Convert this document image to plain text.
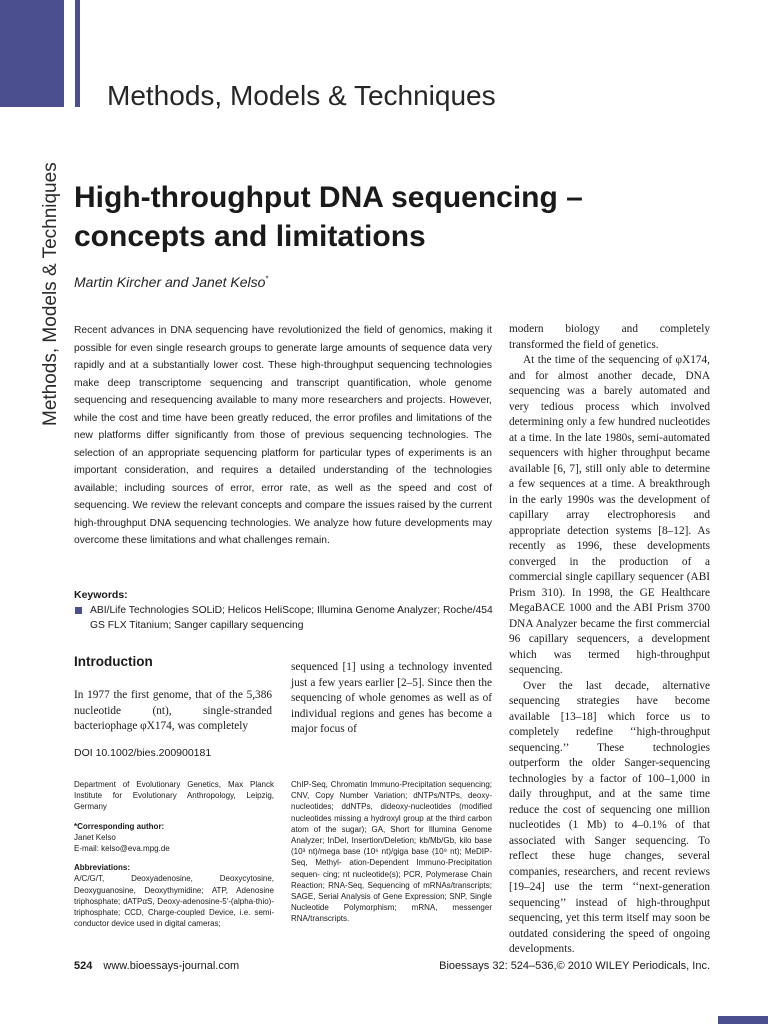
Methods, Models & Techniques
Methods, Models & Techniques
High-throughput DNA sequencing – concepts and limitations
Martin Kircher and Janet Kelso*
Recent advances in DNA sequencing have revolutionized the field of genomics, making it possible for even single research groups to generate large amounts of sequence data very rapidly and at a substantially lower cost. These high-throughput sequencing technologies make deep transcriptome sequencing and transcript quantification, whole genome sequencing and resequencing available to many more researchers and projects. However, while the cost and time have been greatly reduced, the error profiles and limitations of the new platforms differ significantly from those of previous sequencing technologies. The selection of an appropriate sequencing platform for particular types of experiments is an important consideration, and requires a detailed understanding of the technologies available; including sources of error, error rate, as well as the speed and cost of sequencing. We review the relevant concepts and compare the issues raised by the current high-throughput DNA sequencing technologies. We analyze how future developments may overcome these limitations and what challenges remain.
Keywords:
ABI/Life Technologies SOLiD; Helicos HeliScope; Illumina Genome Analyzer; Roche/454 GS FLX Titanium; Sanger capillary sequencing
Introduction
In 1977 the first genome, that of the 5,386 nucleotide (nt), single-stranded bacteriophage φX174, was completely
sequenced [1] using a technology invented just a few years earlier [2–5]. Since then the sequencing of whole genomes as well as of individual regions and genes has become a major focus of
DOI 10.1002/bies.200900181

Department of Evolutionary Genetics, Max Planck Institute for Evolutionary Anthropology, Leipzig, Germany

*Corresponding author:
Janet Kelso
E-mail: kelso@eva.mpg.de

Abbreviations:
A/C/G/T, Deoxyadenosine, Deoxycytosine, Deoxyguanosine, Deoxythymidine; ATP, Adenosine triphosphate; dATPαS, Deoxy-adenosine-5'-(alpha-thio)-triphosphate; CCD, Charge-coupled Device, i.e. semi-conductor device used in digital cameras;

ChIP-Seq, Chromatin Immuno-Precipitation sequencing; CNV, Copy Number Variation; dNTPs/NTPs, deoxy-nucleotides; ddNTPs, dideoxy-nucleotides (modified nucleotides missing a hydroxyl group at the third carbon atom of the sugar); GA, Short for Illumina Genome Analyzer; InDel, Insertion/Deletion; kb/Mb/Gb, kilo base (10³ nt)/mega base (10⁶ nt)/giga base (10⁹ nt); MeDIP-Seq, Methyl- ation-Dependent Immuno-Precipitation sequen- cing; nt nucleotide(s); PCR, Polymerase Chain Reaction; RNA-Seq, Sequencing of mRNAs/transcripts; SAGE, Serial Analysis of Gene Expression; SNP, Single Nucleotide Polymorphism; mRNA, messenger RNA/transcripts.

modern biology and completely transformed the field of genetics.

At the time of the sequencing of φX174, and for almost another decade, DNA sequencing was a barely automated and very tedious process which involved determining only a few hundred nucleotides at a time. In the late 1980s, semi-automated sequencers with higher throughput became available [6, 7], still only able to determine a few sequences at a time. A breakthrough in the early 1990s was the development of capillary array electrophoresis and appropriate detection systems [8–12]. As recently as 1996, these developments converged in the production of a commercial single capillary sequencer (ABI Prism 310). In 1998, the GE Healthcare MegaBACE 1000 and the ABI Prism 3700 DNA Analyzer became the first commercial 96 capillary sequencers, a development which was termed high-throughput sequencing.

Over the last decade, alternative sequencing strategies have become available [13–18] which force us to completely redefine ‘‘high-throughput sequencing.’’ These technologies outperform the older Sanger-sequencing technologies by a factor of 100–1,000 in daily throughput, and at the same time reduce the cost of sequencing one million nucleotides (1 Mb) to 4–0.1% of that associated with Sanger sequencing. To reflect these huge changes, several companies, researchers, and recent reviews [19–24] use the term ‘‘next-generation sequencing’’ instead of high-throughput sequencing, yet this term itself may soon be outdated considering the speed of ongoing developments.

524 www.bioessays-journal.com	Bioessays 32: 524–536,© 2010 WILEY Periodicals, Inc.
